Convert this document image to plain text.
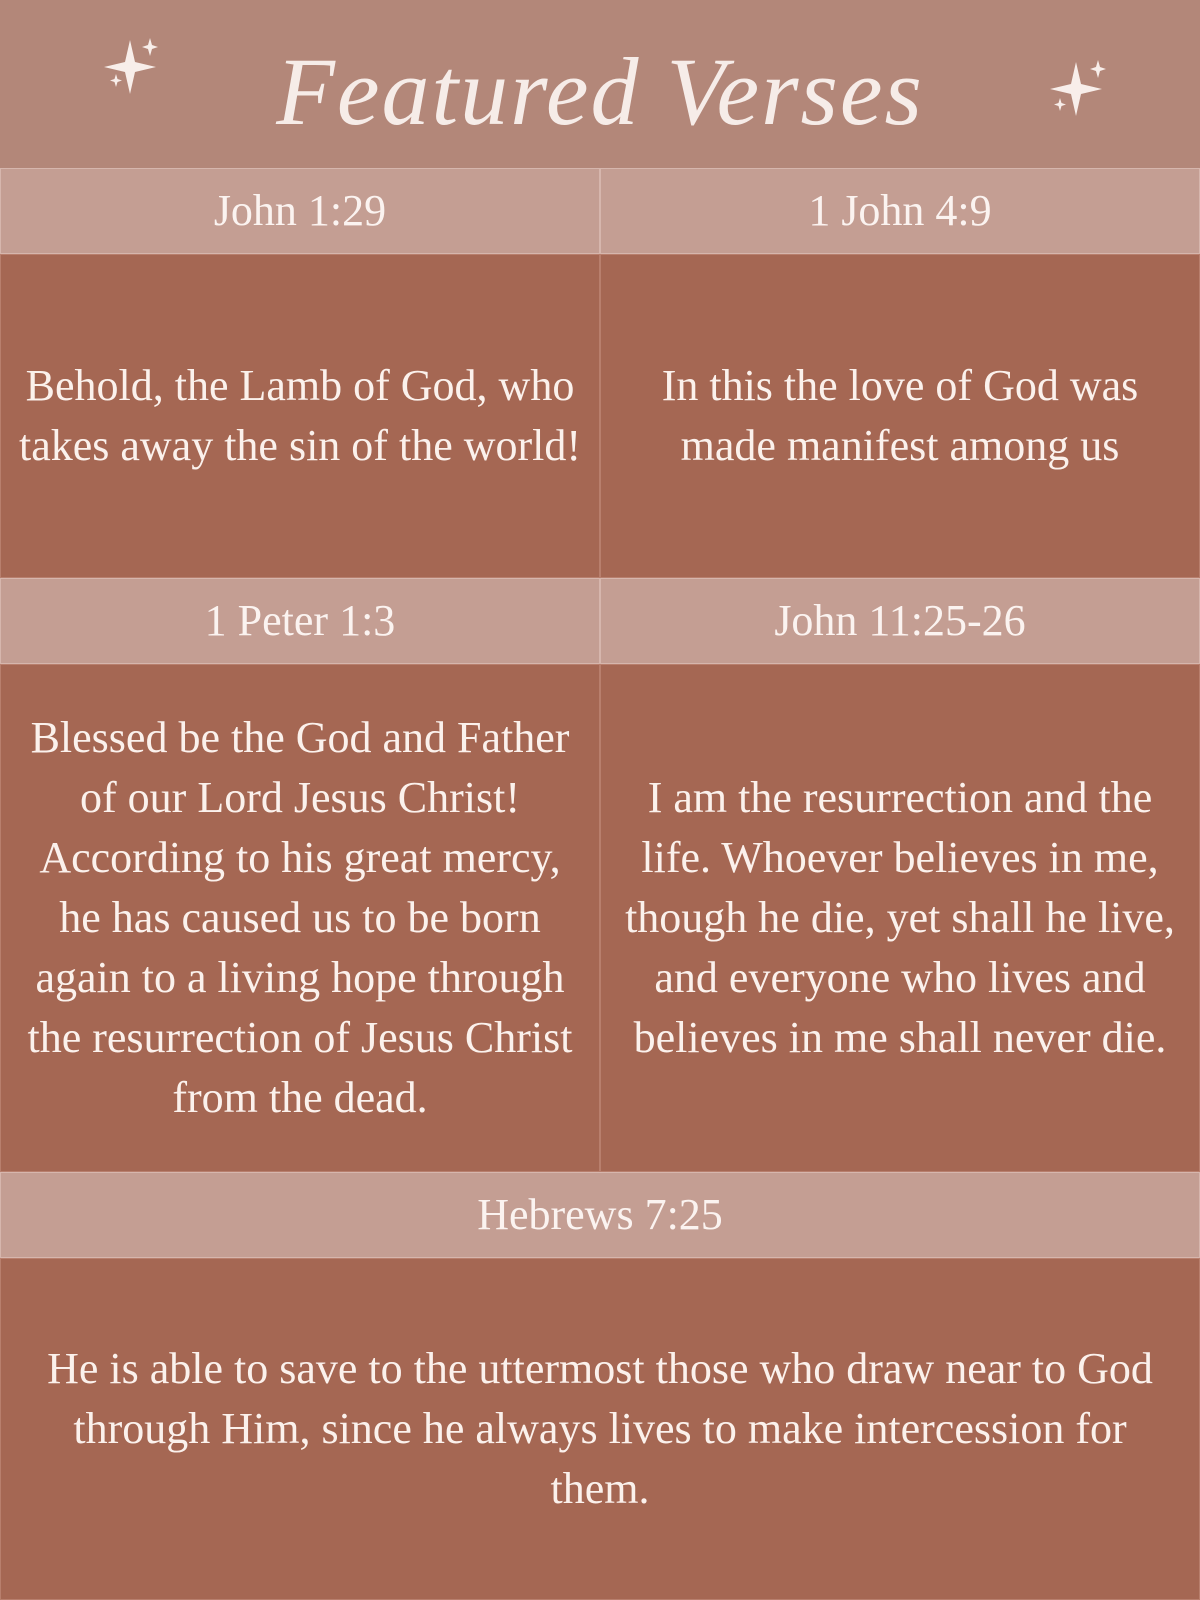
Featured Verses
John 1:29	1 John 4:9
Behold, the Lamb of God, who takes away the sin of the world!
In this the love of God was made manifest among us
1 Peter 1:3	John 11:25-26
Blessed be the God and Father of our Lord Jesus Christ! According to his great mercy, he has caused us to be born again to a living hope through the resurrection of Jesus Christ from the dead.
I am the resurrection and the life. Whoever believes in me, though he die, yet shall he live, and everyone who lives and believes in me shall never die.
Hebrews 7:25
He is able to save to the uttermost those who draw near to God through Him, since he always lives to make intercession for them.
